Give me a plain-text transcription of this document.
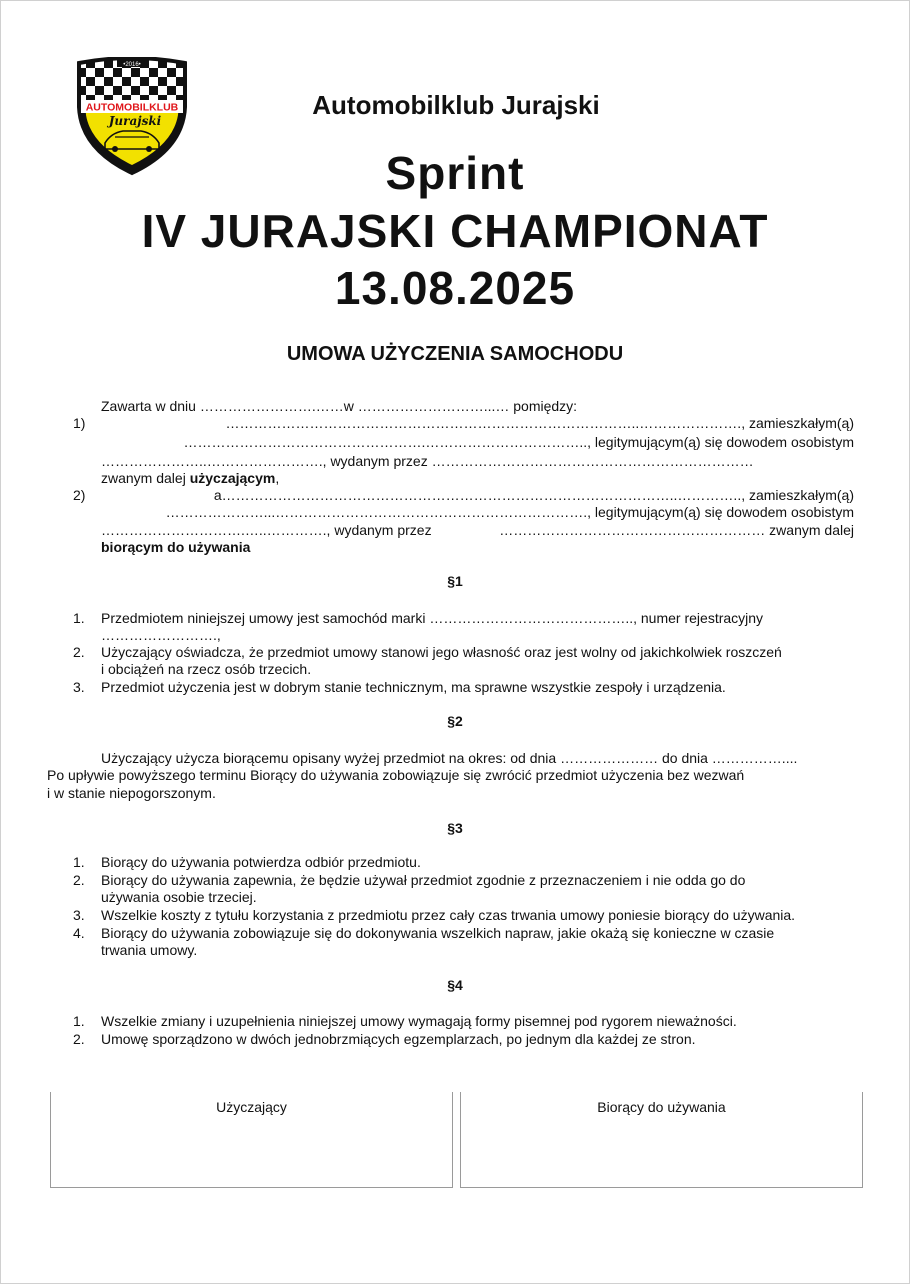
AUTOMOBILKLUB
Jurajski
•2016•
Automobilklub Jurajski
Sprint
IV JURAJSKI CHAMPIONAT
13.08.2025
UMOWA UŻYCZENIA SAMOCHODU
Zawarta w dniu …………………….……w ………………………...… pomiędzy:
1)	……………………………………………………………………………..…………………., zamieszkałym(ą)
…………………………………………….…………………………….., legitymującym(ą) się dowodem osobistym
…………………..……………………., wydanym przez ……………………………………………………………
zwanym dalej użyczającym,
2)	a……………………………………………………………………………………..………….., zamieszkałym(ą)
…………………...…………………………………………………………., legitymującym(ą) się dowodem osobistym
………………………….…..…………., wydanym przez	………………………………………………… zwanym dalej
biorącym do używania
§1
1. Przedmiotem niniejszej umowy jest samochód marki …………………………………….., numer rejestracyjny
…………………….,
2. Użyczający oświadcza, że przedmiot umowy stanowi jego własność oraz jest wolny od jakichkolwiek roszczeń
i obciążeń na rzecz osób trzecich.
3. Przedmiot użyczenia jest w dobrym stanie technicznym, ma sprawne wszystkie zespoły i urządzenia.
§2
Użyczający użycza biorącemu opisany wyżej przedmiot na okres: od dnia ………………… do dnia ……………....
Po upływie powyższego terminu Biorący do używania zobowiązuje się zwrócić przedmiot użyczenia bez wezwań
i w stanie niepogorszonym.
§3
1. Biorący do używania potwierdza odbiór przedmiotu.
2. Biorący do używania zapewnia, że będzie używał przedmiot zgodnie z przeznaczeniem i nie odda go do
używania osobie trzeciej.
3. Wszelkie koszty z tytułu korzystania z przedmiotu przez cały czas trwania umowy poniesie biorący do używania.
4. Biorący do używania zobowiązuje się do dokonywania wszelkich napraw, jakie okażą się konieczne w czasie
trwania umowy.
§4
1. Wszelkie zmiany i uzupełnienia niniejszej umowy wymagają formy pisemnej pod rygorem nieważności.
2. Umowę sporządzono w dwóch jednobrzmiących egzemplarzach, po jednym dla każdej ze stron.
Użyczający	Biorący do używania
